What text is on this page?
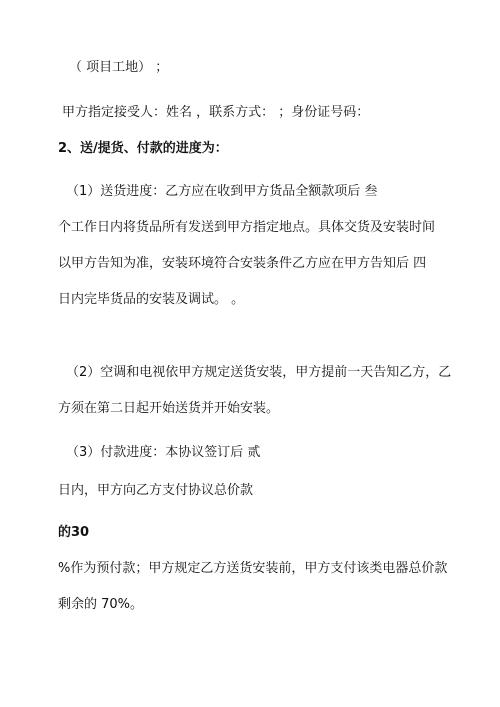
（ 项目工地） ；
甲方指定接受人：姓名 ，联系方式： ；身份证号码：
2、送/提货、付款的进度为：
（1）送货进度：乙方应在收到甲方货品全额款项后 叁
个工作日内将货品所有发送到甲方指定地点。具体交货及安装时间
以甲方告知为准，安装环境符合安装条件乙方应在甲方告知后 四
日内完毕货品的安装及调试。 。
（2）空调和电视依甲方规定送货安装，甲方提前一天告知乙方，乙
方须在第二日起开始送货并开始安装。
（3）付款进度：本协议签订后 贰
日内，甲方向乙方支付协议总价款
的30
%作为预付款；甲方规定乙方送货安装前，甲方支付该类电器总价款
剩余的 70%。
